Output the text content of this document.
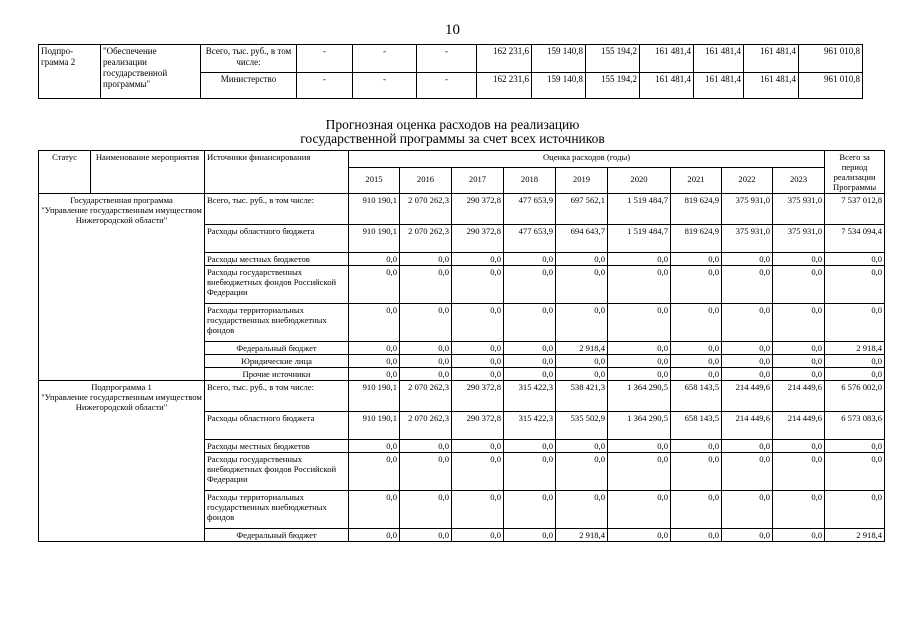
10
Подпро-грамма 2	"Обеспечение реализации государственной программы"	Всего, тыс. руб., в том числе:	-	-	-	162 231,6	159 140,8	155 194,2	161 481,4	161 481,4	161 481,4	961 010,8
		Министерство	-	-	-	162 231,6	159 140,8	155 194,2	161 481,4	161 481,4	161 481,4	961 010,8
Прогнозная оценка расходов на реализацию
государственной программы за счет всех источников
Статус	Наименование мероприятия	Источники финансирования	Оценка расходов (годы)									Всего за период реализации Программы
			2015	2016	2017	2018	2019	2020	2021	2022	2023	

Государственная программа
"Управление государственным имуществом Нижегородской области"		Всего, тыс. руб., в том числе:	910 190,1	2 070 262,3	290 372,8	477 653,9	697 562,1	1 519 484,7	819 624,9	375 931,0	375 931,0	7 537 012,8
		Расходы областного бюджета	910 190,1	2 070 262,3	290 372,8	477 653,9	694 643,7	1 519 484,7	819 624,9	375 931,0	375 931,0	7 534 094,4
		Расходы местных бюджетов	0,0	0,0	0,0	0,0	0,0	0,0	0,0	0,0	0,0	0,0
		Расходы государственных внебюджетных фондов Российской Федерации	0,0	0,0	0,0	0,0	0,0	0,0	0,0	0,0	0,0	0,0
		Расходы территориальных государственных внебюджетных фондов	0,0	0,0	0,0	0,0	0,0	0,0	0,0	0,0	0,0	0,0
		Федеральный бюджет	0,0	0,0	0,0	0,0	2 918,4	0,0	0,0	0,0	0,0	2 918,4
		Юридические лица	0,0	0,0	0,0	0,0	0,0	0,0	0,0	0,0	0,0	0,0
		Прочие источники	0,0	0,0	0,0	0,0	0,0	0,0	0,0	0,0	0,0	0,0

Подпрограмма 1
"Управление государственным имуществом Нижегородской области"		Всего, тыс. руб., в том числе:	910 190,1	2 070 262,3	290 372,8	315 422,3	538 421,3	1 364 290,5	658 143,5	214 449,6	214 449,6	6 576 002,0
		Расходы областного бюджета	910 190,1	2 070 262,3	290 372,8	315 422,3	535 502,9	1 364 290,5	658 143,5	214 449,6	214 449,6	6 573 083,6
		Расходы местных бюджетов	0,0	0,0	0,0	0,0	0,0	0,0	0,0	0,0	0,0	0,0
		Расходы государственных внебюджетных фондов Российской Федерации	0,0	0,0	0,0	0,0	0,0	0,0	0,0	0,0	0,0	0,0
		Расходы территориальных государственных внебюджетных фондов	0,0	0,0	0,0	0,0	0,0	0,0	0,0	0,0	0,0	0,0
		Федеральный бюджет	0,0	0,0	0,0	0,0	2 918,4	0,0	0,0	0,0	0,0	2 918,4
